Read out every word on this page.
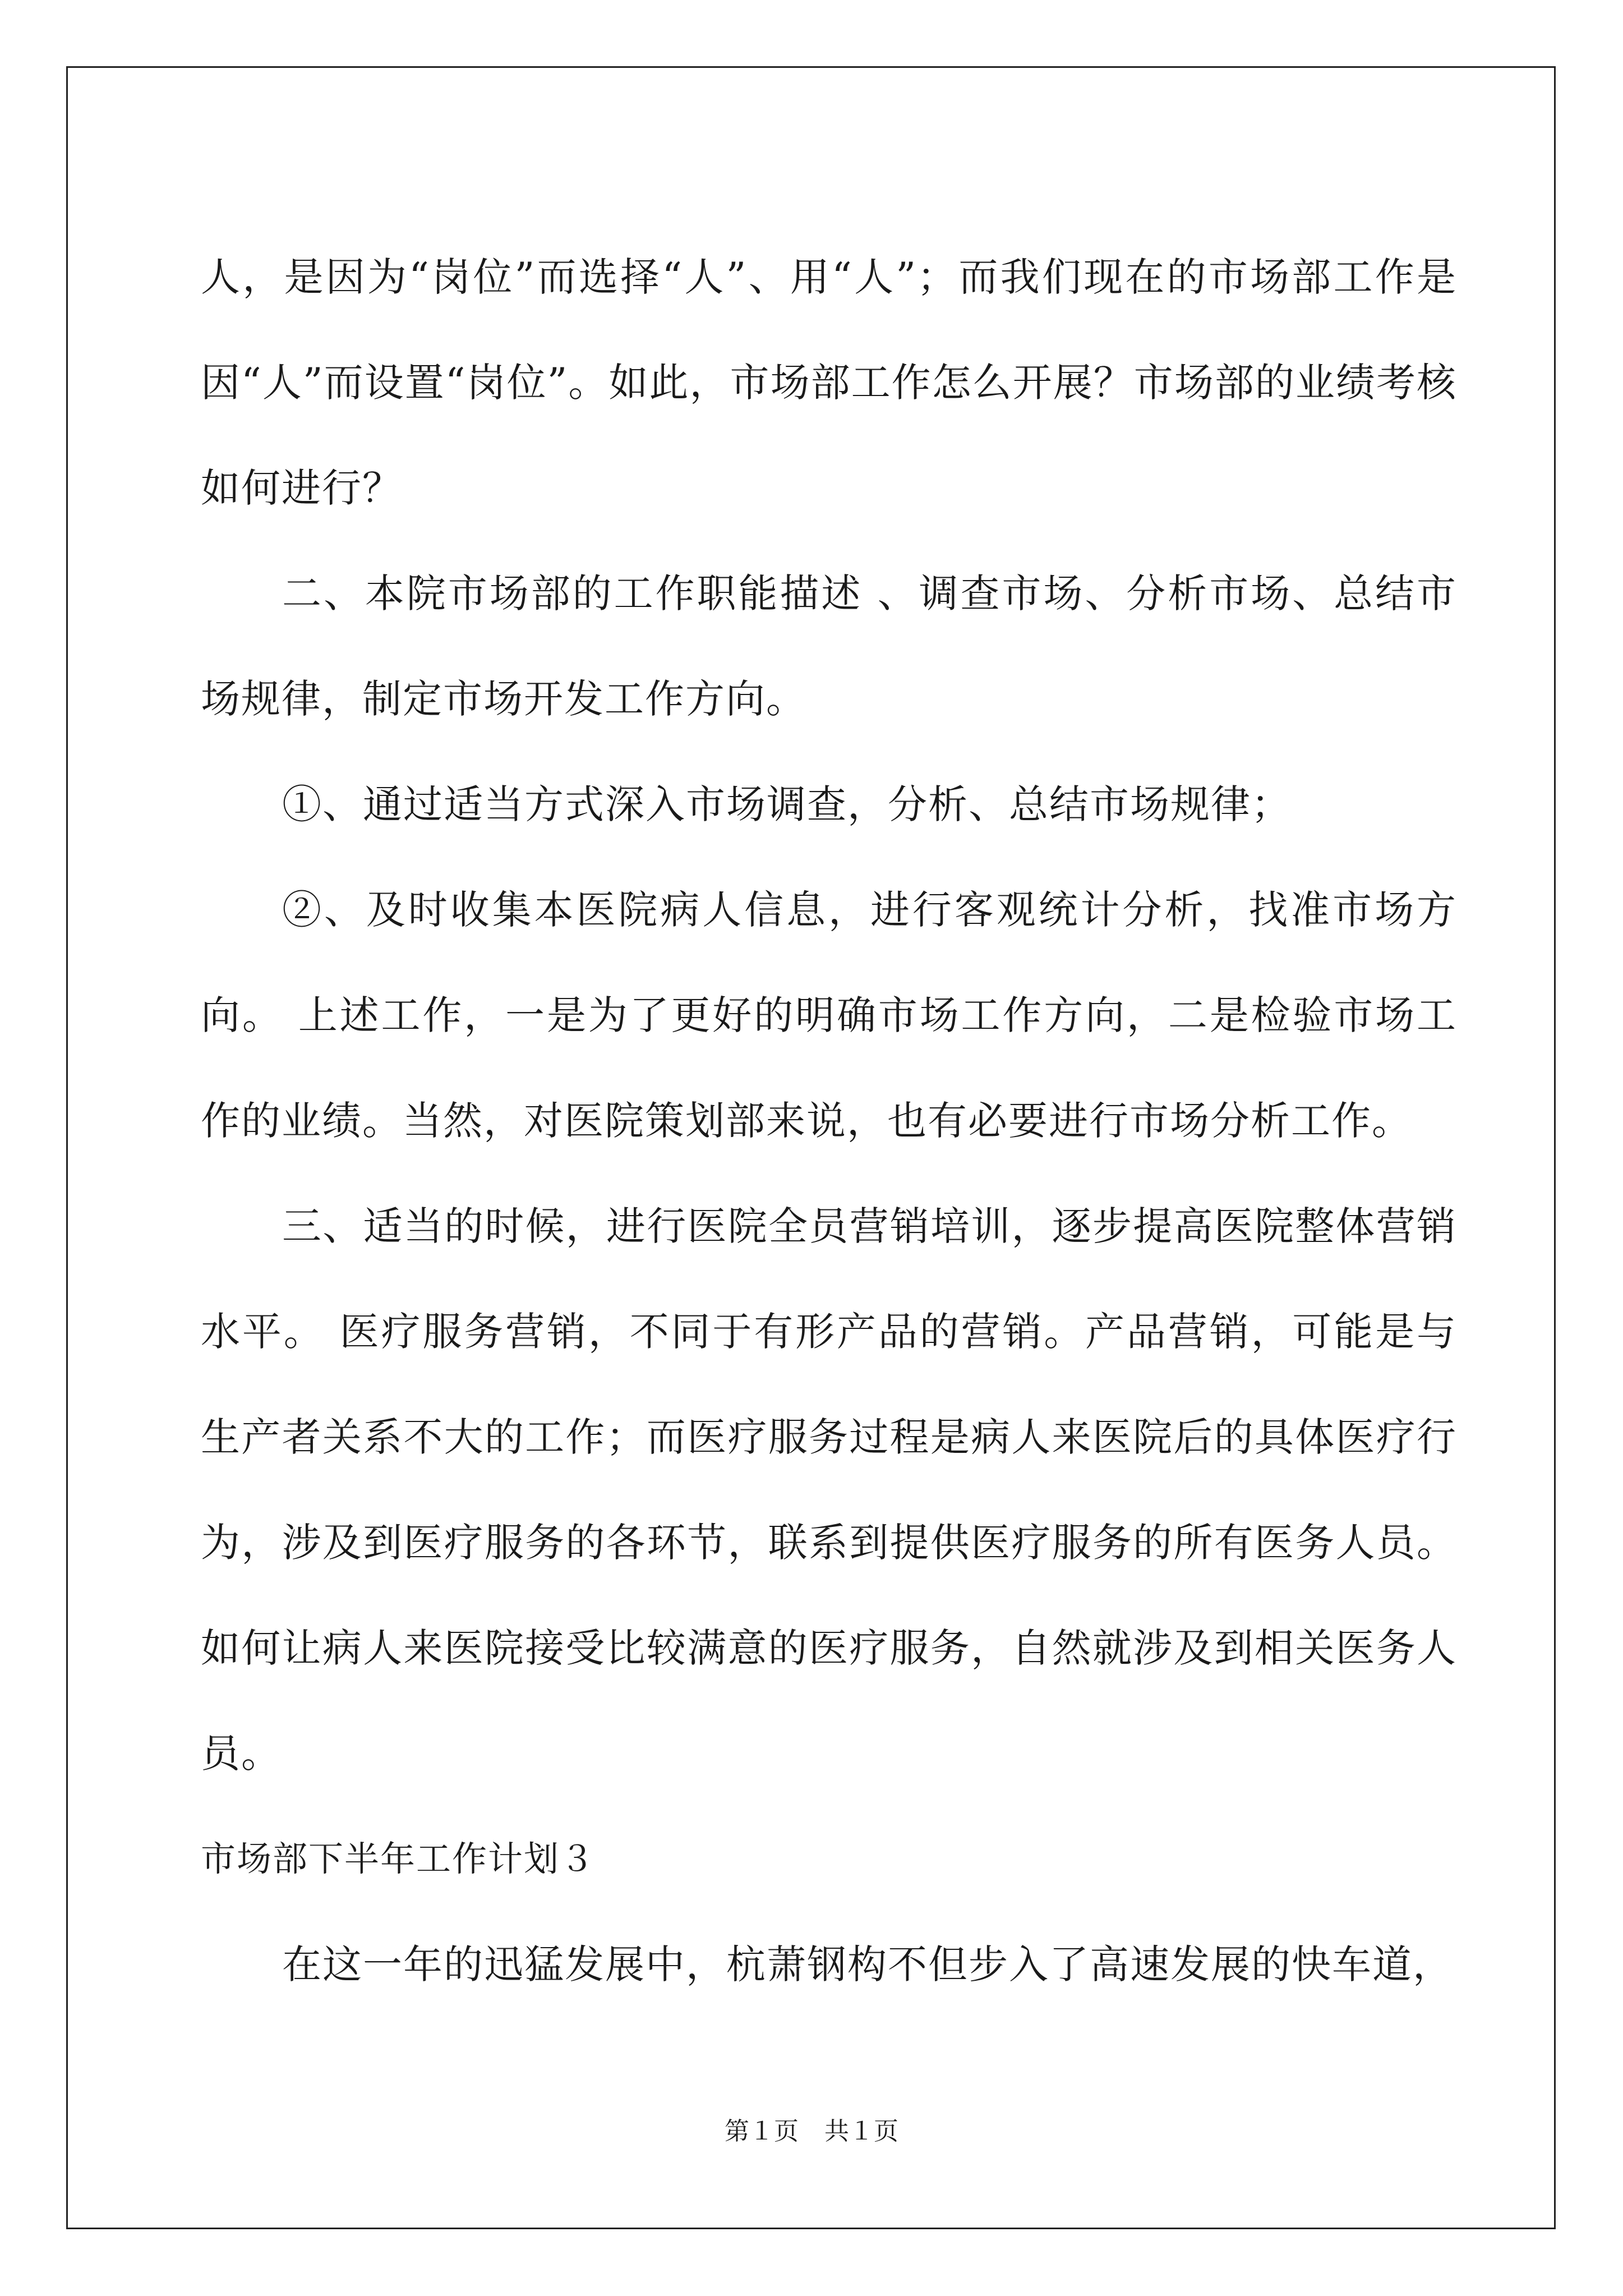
人，是因为“岗位”而选择“人”、用“人”；而我们现在的市场部工作是因“人”而设置“岗位”。如此，市场部工作怎么开展？市场部的业绩考核如何进行？

二、本院市场部的工作职能描述 、调查市场、分析市场、总结市场规律，制定市场开发工作方向。

①、通过适当方式深入市场调查，分析、总结市场规律；

②、及时收集本医院病人信息，进行客观统计分析，找准市场方向。 上述工作，一是为了更好的明确市场工作方向，二是检验市场工作的业绩。当然，对医院策划部来说，也有必要进行市场分析工作。

三、适当的时候，进行医院全员营销培训，逐步提高医院整体营销水平。 医疗服务营销，不同于有形产品的营销。产品营销，可能是与生产者关系不大的工作；而医疗服务过程是病人来医院后的具体医疗行为，涉及到医疗服务的各环节，联系到提供医疗服务的所有医务人员。如何让病人来医院接受比较满意的医疗服务，自然就涉及到相关医务人员。

市场部下半年工作计划３

在这一年的迅猛发展中，杭萧钢构不但步入了高速发展的快车道，

第１页 共１页
